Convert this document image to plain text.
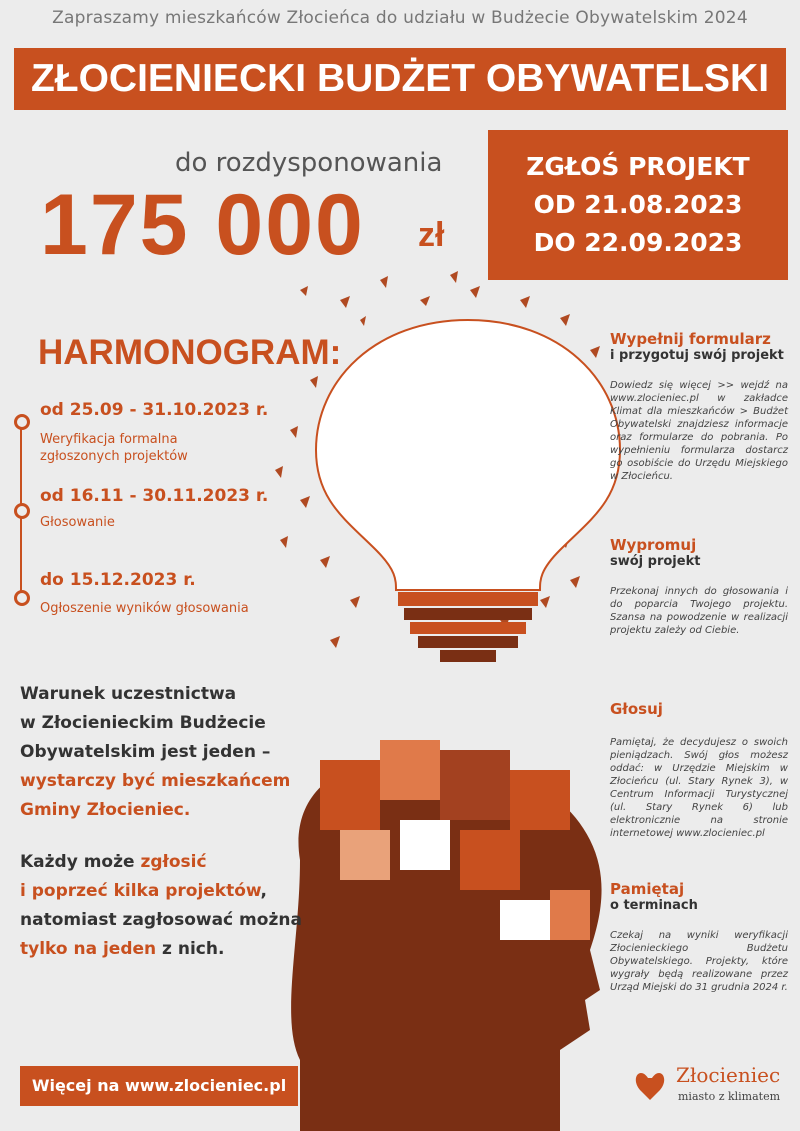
Zapraszamy mieszkańców Złocieńca do udziału w Budżecie Obywatelskim 2024
ZŁOCIENIECKI BUDŻET OBYWATELSKI
do rozdysponowania
175 000 zł
ZGŁOŚ PROJEKT
OD 21.08.2023
DO 22.09.2023
HARMONOGRAM:
od 25.09 - 31.10.2023 r.
Weryfikacja formalna
zgłoszonych projektów
od 16.11 - 30.11.2023 r.
Głosowanie
do 15.12.2023 r.
Ogłoszenie wyników głosowania
Warunek uczestnictwa
w Złocienieckim Budżecie
Obywatelskim jest jeden –
wystarczy być mieszkańcem
Gminy Złocieniec.
Każdy może zgłosić
i poprzeć kilka projektów,
natomiast zagłosować można
tylko na jeden z nich.
Wypełnij formularz
i przygotuj swój projekt
Dowiedz się więcej >> wejdź na www.zlocieniec.pl w zakładce Klimat dla mieszkańców > Budżet Obywatelski znajdziesz informacje oraz formularze do pobrania. Po wypełnieniu formularza dostarcz go osobiście do Urzędu Miejskiego w Złocieńcu.
Wypromuj
swój projekt
Przekonaj innych do głosowania i do poparcia Twojego projektu. Szansa na powodzenie w realizacji projektu zależy od Ciebie.
Głosuj
Pamiętaj, że decydujesz o swoich pieniądzach. Swój głos możesz oddać: w Urzędzie Miejskim w Złocieńcu (ul. Stary Rynek 3), w Centrum Informacji Turystycznej (ul. Stary Rynek 6) lub elektronicznie na stronie internetowej www.zlocieniec.pl
Pamiętaj
o terminach
Czekaj na wyniki weryfikacji Złocienieckiego Budżetu Obywatelskiego. Projekty, które wygrały będą realizowane przez Urząd Miejski do 31 grudnia 2024 r.
Więcej na www.zlocieniec.pl	Złocieniec
miasto z klimatem
